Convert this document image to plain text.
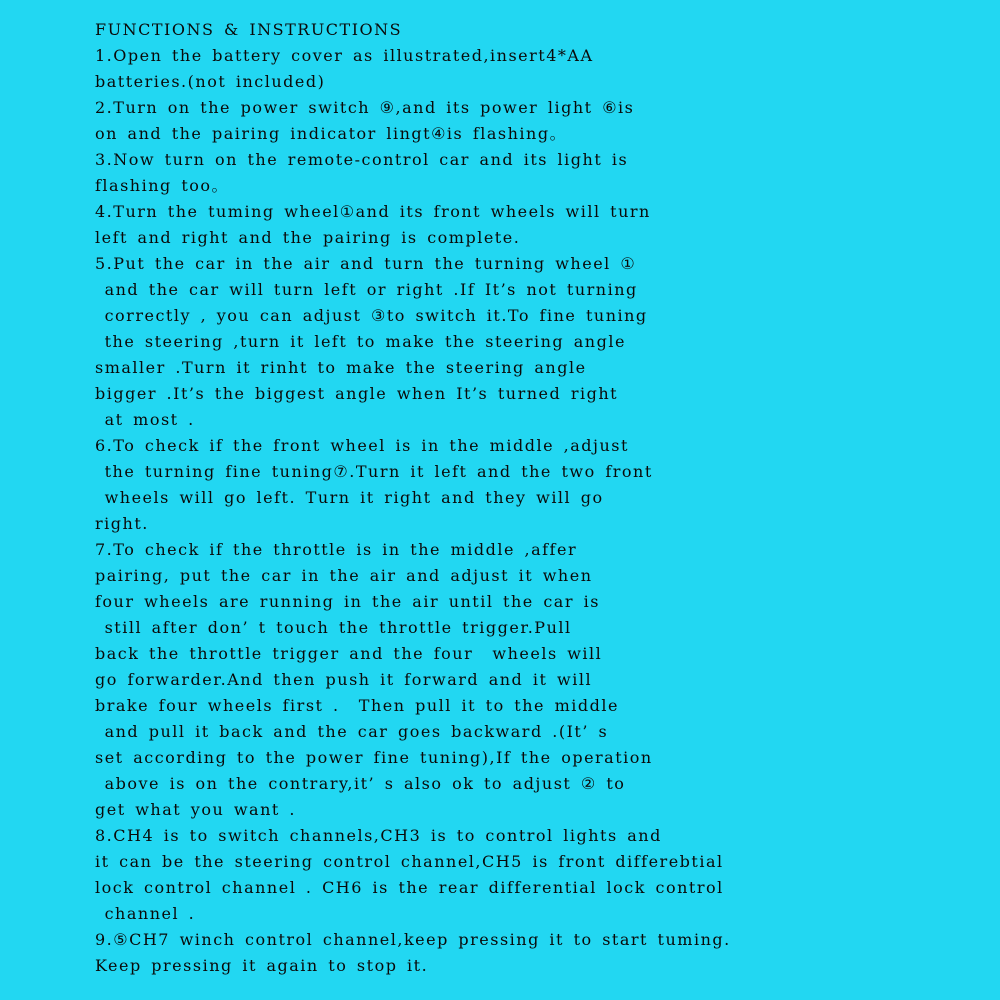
FUNCTIONS & INSTRUCTIONS
1.Open the battery cover as illustrated,insert4*AA
batteries.(not included)
2.Turn on the power switch ⑨,and its power light ⑥is
on and the pairing indicator lingt④is flashing。
3.Now turn on the remote-control car and its light is
flashing too。
4.Turn the tuming wheel①and its front wheels will turn
left and right and the pairing is complete.
5.Put the car in the air and turn the turning wheel ①
and the car will turn left or right .If It’s not turning
correctly , you can adjust ③to switch it.To fine tuning
the steering ,turn it left to make the steering angle
smaller .Turn it rinht to make the steering angle
bigger .It’s the biggest angle when It’s turned right
at most .
6.To check if the front wheel is in the middle ,adjust
the turning fine tuning⑦.Turn it left and the two front
wheels will go left. Turn it right and they will go
right.
7.To check if the throttle is in the middle ,affer
pairing, put the car in the air and adjust it when
four wheels are running in the air until the car is
still after don’ t touch the throttle trigger.Pull
back the throttle trigger and the four  wheels will
go forwarder.And then push it forward and it will
brake four wheels first .  Then pull it to the middle
and pull it back and the car goes backward .(It’ s
set according to the power fine tuning),If the operation
above is on the contrary,it’ s also ok to adjust ② to
get what you want .
8.CH4 is to switch channels,CH3 is to control lights and
it can be the steering control channel,CH5 is front differebtial
lock control channel . CH6 is the rear differential lock control
channel .
9.⑤CH7 winch control channel,keep pressing it to start tuming.
Keep pressing it again to stop it.
